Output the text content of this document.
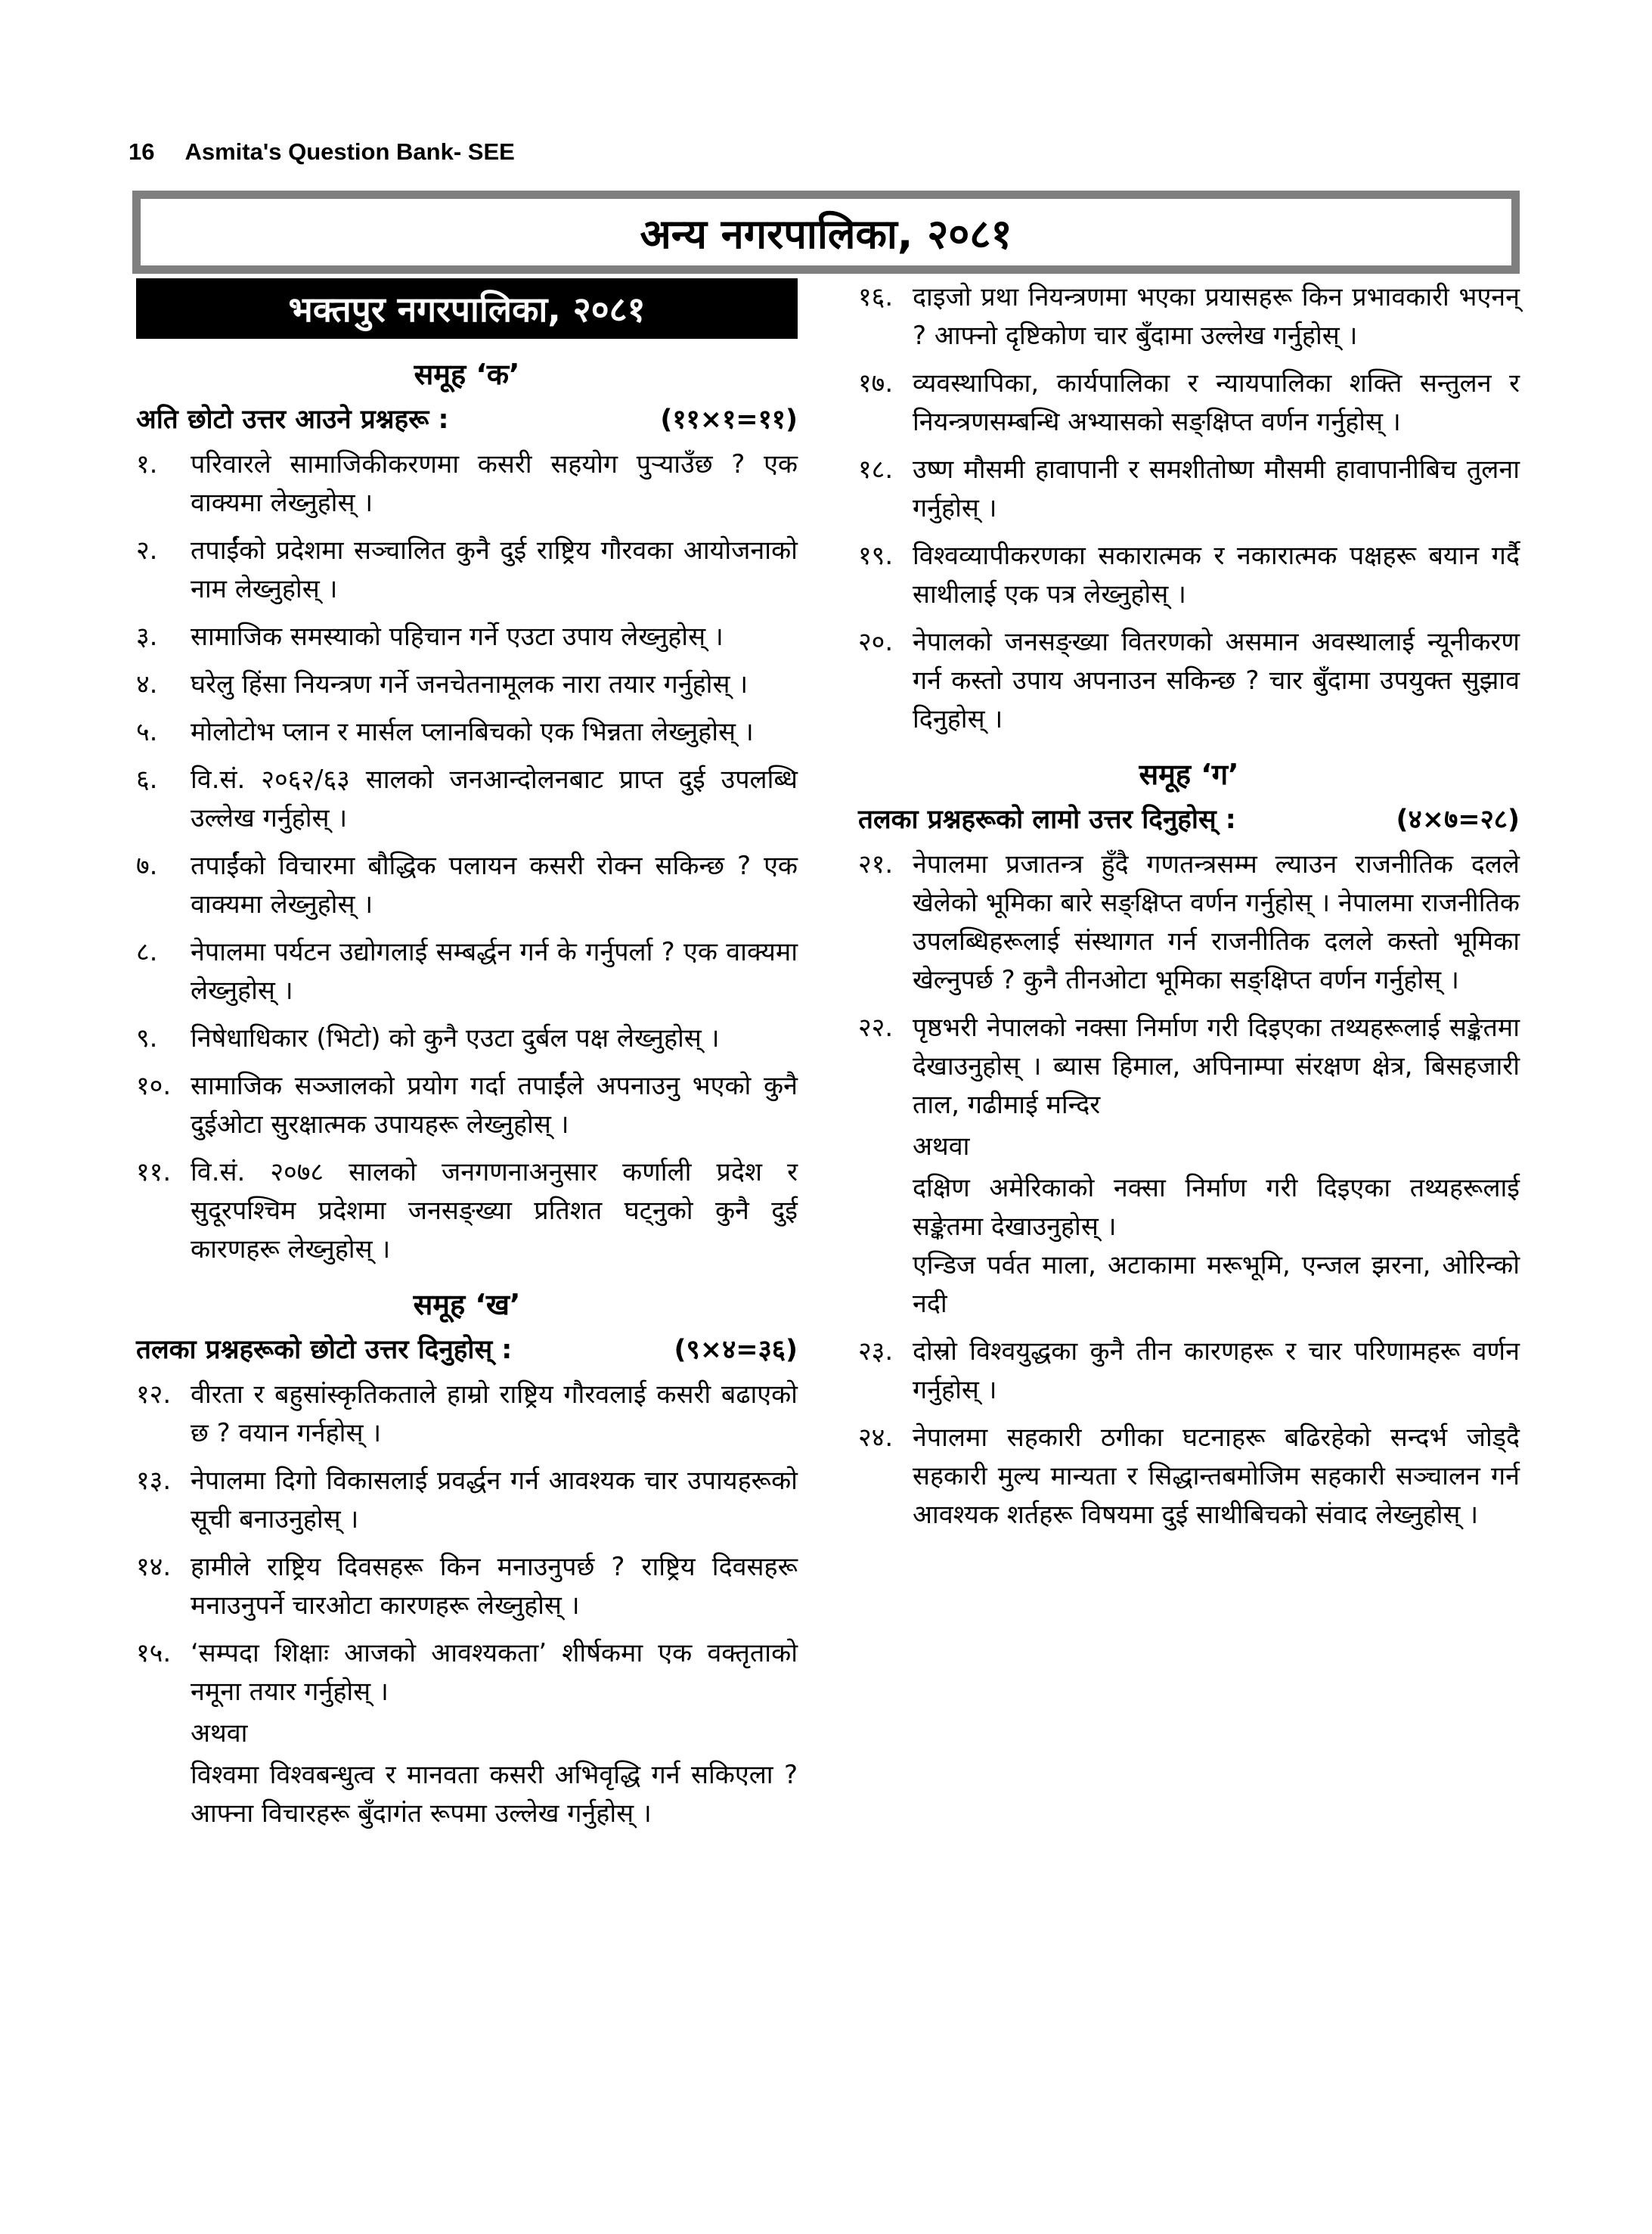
16 Asmita's Question Bank- SEE
अन्य नगरपालिका, २०८१
भक्तपुर नगरपालिका, २०८१
समूह ‘क’
अति छोटो उत्तर आउने प्रश्नहरू :	(११×१=११)
१. परिवारले सामाजिकीकरणमा कसरी सहयोग पुऱ्याउँछ ? एक वाक्यमा लेख्नुहोस् ।

२. तपाईंको प्रदेशमा सञ्चालित कुनै दुई राष्ट्रिय गौरवका आयोजनाको नाम लेख्नुहोस् ।

३. सामाजिक समस्याको पहिचान गर्ने एउटा उपाय लेख्नुहोस् ।

४. घरेलु हिंसा नियन्त्रण गर्ने जनचेतनामूलक नारा तयार गर्नुहोस् ।

५. मोलोटोभ प्लान र मार्सल प्लानबिचको एक भिन्नता लेख्नुहोस् ।

६. वि.सं. २०६२/६३ सालको जनआन्दोलनबाट प्राप्त दुई उपलब्धि उल्लेख गर्नुहोस् ।

७. तपाईंको विचारमा बौद्धिक पलायन कसरी रोक्न सकिन्छ ? एक वाक्यमा लेख्नुहोस् ।

८. नेपालमा पर्यटन उद्योगलाई सम्बर्द्धन गर्न के गर्नुपर्ला ? एक वाक्यमा लेख्नुहोस् ।

९. निषेधाधिकार (भिटो) को कुनै एउटा दुर्बल पक्ष लेख्नुहोस् ।

१०. सामाजिक सञ्जालको प्रयोग गर्दा तपाईंले अपनाउनु भएको कुनै दुईओटा सुरक्षात्मक उपायहरू लेख्नुहोस् ।

११. वि.सं. २०७८ सालको जनगणनाअनुसार कर्णाली प्रदेश र सुदूरपश्चिम प्रदेशमा जनसङ्ख्या प्रतिशत घट्नुको कुनै दुई कारणहरू लेख्नुहोस् ।

समूह ‘ख’
तलका प्रश्नहरूको छोटो उत्तर दिनुहोस् :	(९×४=३६)
१२. वीरता र बहुसांस्कृतिकताले हाम्रो राष्ट्रिय गौरवलाई कसरी बढाएको छ ? वयान गर्नहोस् ।

१३. नेपालमा दिगो विकासलाई प्रवर्द्धन गर्न आवश्यक चार उपायहरूको सूची बनाउनुहोस् ।

१४. हामीले राष्ट्रिय दिवसहरू किन मनाउनुपर्छ ? राष्ट्रिय दिवसहरू मनाउनुपर्ने चारओटा कारणहरू लेख्नुहोस् ।

१५. ‘सम्पदा शिक्षाः आजको आवश्यकता’ शीर्षकमा एक वक्तृताको नमूना तयार गर्नुहोस् ।

अथवा

विश्वमा विश्वबन्धुत्व र मानवता कसरी अभिवृद्धि गर्न सकिएला ? आफ्ना विचारहरू बुँदागंत रूपमा उल्लेख गर्नुहोस् ।

१६. दाइजो प्रथा नियन्त्रणमा भएका प्रयासहरू किन प्रभावकारी भएनन् ? आफ्नो दृष्टिकोण चार बुँदामा उल्लेख गर्नुहोस् ।

१७. व्यवस्थापिका, कार्यपालिका र न्यायपालिका शक्ति सन्तुलन र नियन्त्रणसम्बन्धि अभ्यासको सङ्क्षिप्त वर्णन गर्नुहोस् ।

१८. उष्ण मौसमी हावापानी र समशीतोष्ण मौसमी हावापानीबिच तुलना गर्नुहोस् ।

१९. विश्वव्यापीकरणका सकारात्मक र नकारात्मक पक्षहरू बयान गर्दै साथीलाई एक पत्र लेख्नुहोस् ।

२०. नेपालको जनसङ्ख्या वितरणको असमान अवस्थालाई न्यूनीकरण गर्न कस्तो उपाय अपनाउन सकिन्छ ? चार बुँदामा उपयुक्त सुझाव दिनुहोस् ।

समूह ‘ग’
तलका प्रश्नहरूको लामो उत्तर दिनुहोस् :	(४×७=२८)
२१. नेपालमा प्रजातन्त्र हुँदै गणतन्त्रसम्म ल्याउन राजनीतिक दलले खेलेको भूमिका बारे सङ्क्षिप्त वर्णन गर्नुहोस् । नेपालमा राजनीतिक उपलब्धिहरूलाई संस्थागत गर्न राजनीतिक दलले कस्तो भूमिका खेल्नुपर्छ ? कुनै तीनओटा भूमिका सङ्क्षिप्त वर्णन गर्नुहोस् ।

२२. पृष्ठभरी नेपालको नक्सा निर्माण गरी दिइएका तथ्यहरूलाई सङ्केतमा देखाउनुहोस् । ब्यास हिमाल, अपिनाम्पा संरक्षण क्षेत्र, बिसहजारी ताल, गढीमाई मन्दिर

अथवा

दक्षिण अमेरिकाको नक्सा निर्माण गरी दिइएका तथ्यहरूलाई सङ्केतमा देखाउनुहोस् ।

एन्डिज पर्वत माला, अटाकामा मरूभूमि, एन्जल झरना, ओरिन्को नदी

२३. दोस्रो विश्वयुद्धका कुनै तीन कारणहरू र चार परिणामहरू वर्णन गर्नुहोस् ।

२४. नेपालमा सहकारी ठगीका घटनाहरू बढिरहेको सन्दर्भ जोड्दै सहकारी मुल्य मान्यता र सिद्धान्तबमोजिम सहकारी सञ्चालन गर्न आवश्यक शर्तहरू विषयमा दुई साथीबिचको संवाद लेख्नुहोस् ।
